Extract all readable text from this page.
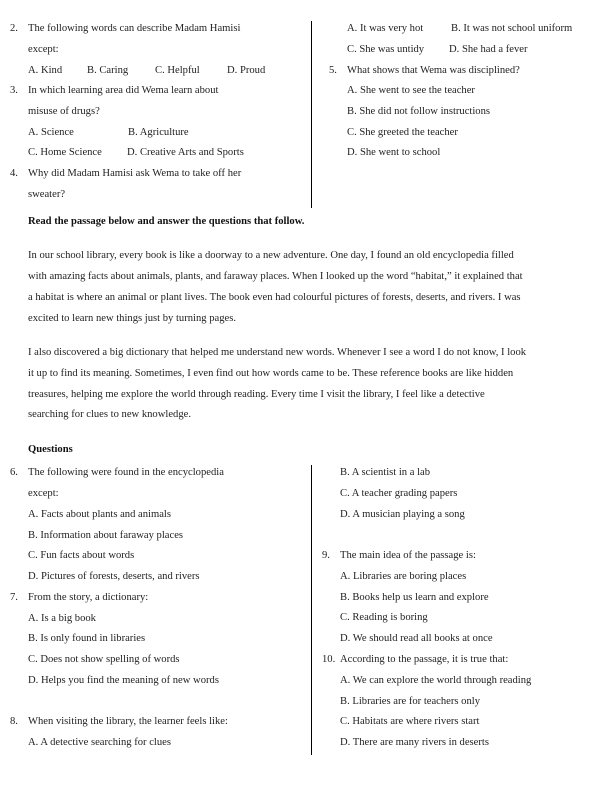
2. The following words can describe Madam Hamisi
except:
A. Kind B. Caring	C. Helpful	D. Proud
3. In which learning area did Wema learn about
misuse of drugs?
A. Science	B. Agriculture
C. Home Science D. Creative Arts and Sports
4. Why did Madam Hamisi ask Wema to take off her
sweater?
A. It was very hot	B. It was not school uniform
C. She was untidy D. She had a fever
5. What shows that Wema was disciplined?
A. She went to see the teacher
B. She did not follow instructions
C. She greeted the teacher
D. She went to school
Read the passage below and answer the questions that follow.
In our school library, every book is like a doorway to a new adventure. One day, I found an old encyclopedia filled
with amazing facts about animals, plants, and faraway places. When I looked up the word “habitat,” it explained that
a habitat is where an animal or plant lives. The book even had colourful pictures of forests, deserts, and rivers. I was
excited to learn new things just by turning pages.
I also discovered a big dictionary that helped me understand new words. Whenever I see a word I do not know, I look
it up to find its meaning. Sometimes, I even find out how words came to be. These reference books are like hidden
treasures, helping me explore the world through reading. Every time I visit the library, I feel like a detective
searching for clues to new knowledge.
Questions
6. The following were found in the encyclopedia
except:
A. Facts about plants and animals
B. Information about faraway places
C. Fun facts about words
D. Pictures of forests, deserts, and rivers
7. From the story, a dictionary:
A. Is a big book
B. Is only found in libraries
C. Does not show spelling of words
D. Helps you find the meaning of new words
8. When visiting the library, the learner feels like:
A. A detective searching for clues
B. A scientist in a lab
C. A teacher grading papers
D. A musician playing a song
9. The main idea of the passage is:
A. Libraries are boring places
B. Books help us learn and explore
C. Reading is boring
D. We should read all books at once
10. According to the passage, it is true that:
A. We can explore the world through reading
B. Libraries are for teachers only
C. Habitats are where rivers start
D. There are many rivers in deserts
